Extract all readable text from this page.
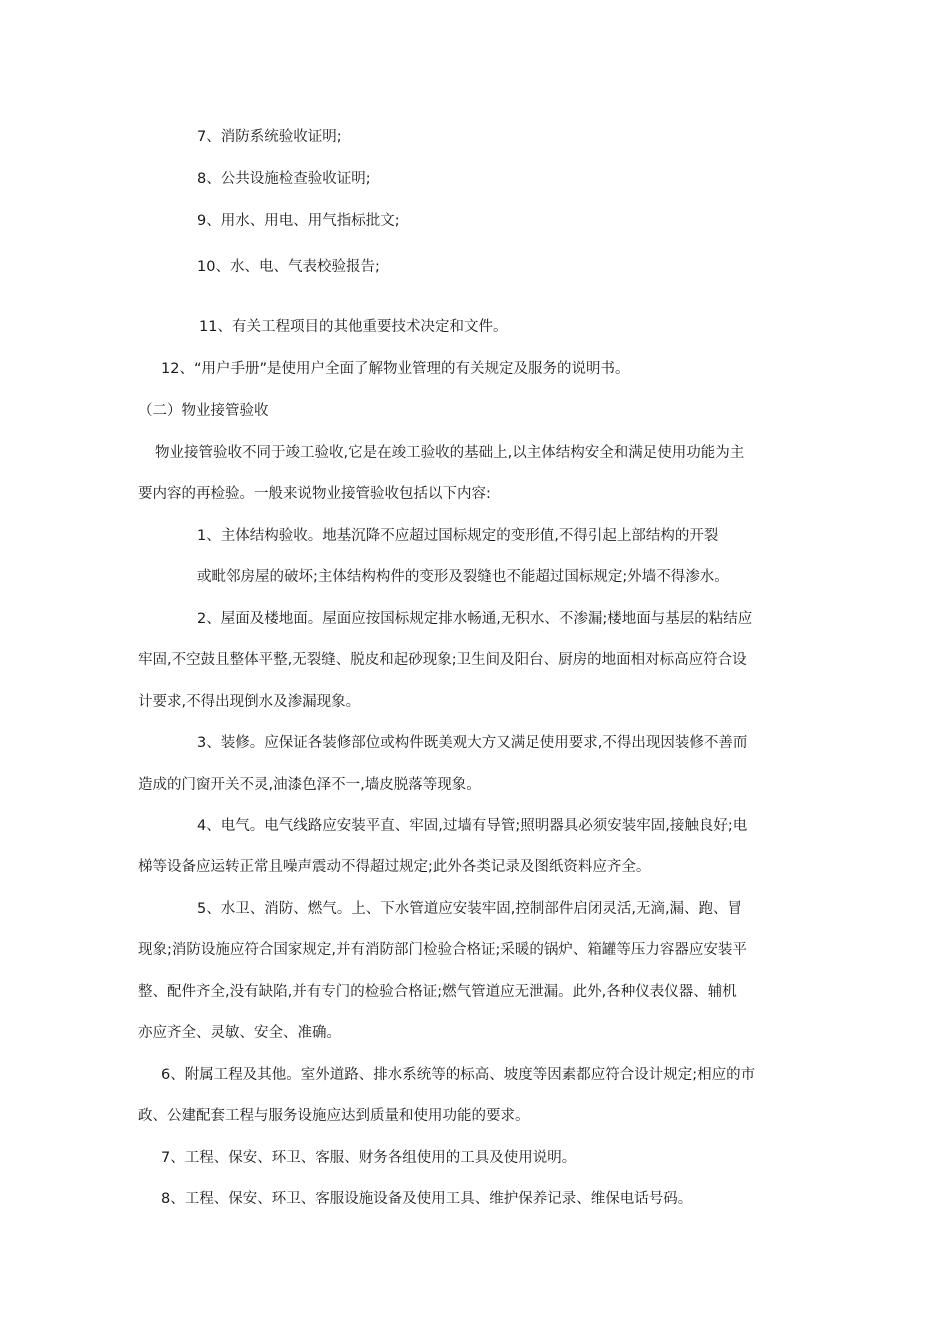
7、消防系统验收证明;
8、公共设施检查验收证明;
9、用水、用电、用气指标批文;
10、水、电、气表校验报告;
11、有关工程项目的其他重要技术决定和文件。
12、“用户手册”是使用户全面了解物业管理的有关规定及服务的说明书。
（二）物业接管验收
物业接管验收不同于竣工验收,它是在竣工验收的基础上,以主体结构安全和满足使用功能为主
要内容的再检验。一般来说物业接管验收包括以下内容:
1、主体结构验收。地基沉降不应超过国标规定的变形值,不得引起上部结构的开裂
或毗邻房屋的破坏;主体结构构件的变形及裂缝也不能超过国标规定;外墙不得渗水。
2、屋面及楼地面。屋面应按国标规定排水畅通,无积水、不渗漏;楼地面与基层的粘结应
牢固,不空鼓且整体平整,无裂缝、脱皮和起砂现象;卫生间及阳台、厨房的地面相对标高应符合设
计要求,不得出现倒水及渗漏现象。
3、装修。应保证各装修部位或构件既美观大方又满足使用要求,不得出现因装修不善而
造成的门窗开关不灵,油漆色泽不一,墙皮脱落等现象。
4、电气。电气线路应安装平直、牢固,过墙有导管;照明器具必须安装牢固,接触良好;电
梯等设备应运转正常且噪声震动不得超过规定;此外各类记录及图纸资料应齐全。
5、水卫、消防、燃气。上、下水管道应安装牢固,控制部件启闭灵活,无滴,漏、跑、冒
现象;消防设施应符合国家规定,并有消防部门检验合格证;采暖的锅炉、箱罐等压力容器应安装平
整、配件齐全,没有缺陷,并有专门的检验合格证;燃气管道应无泄漏。此外,各种仪表仪器、辅机
亦应齐全、灵敏、安全、准确。
6、附属工程及其他。室外道路、排水系统等的标高、坡度等因素都应符合设计规定;相应的市
政、公建配套工程与服务设施应达到质量和使用功能的要求。
7、工程、保安、环卫、客服、财务各组使用的工具及使用说明。
8、工程、保安、环卫、客服设施设备及使用工具、维护保养记录、维保电话号码。
